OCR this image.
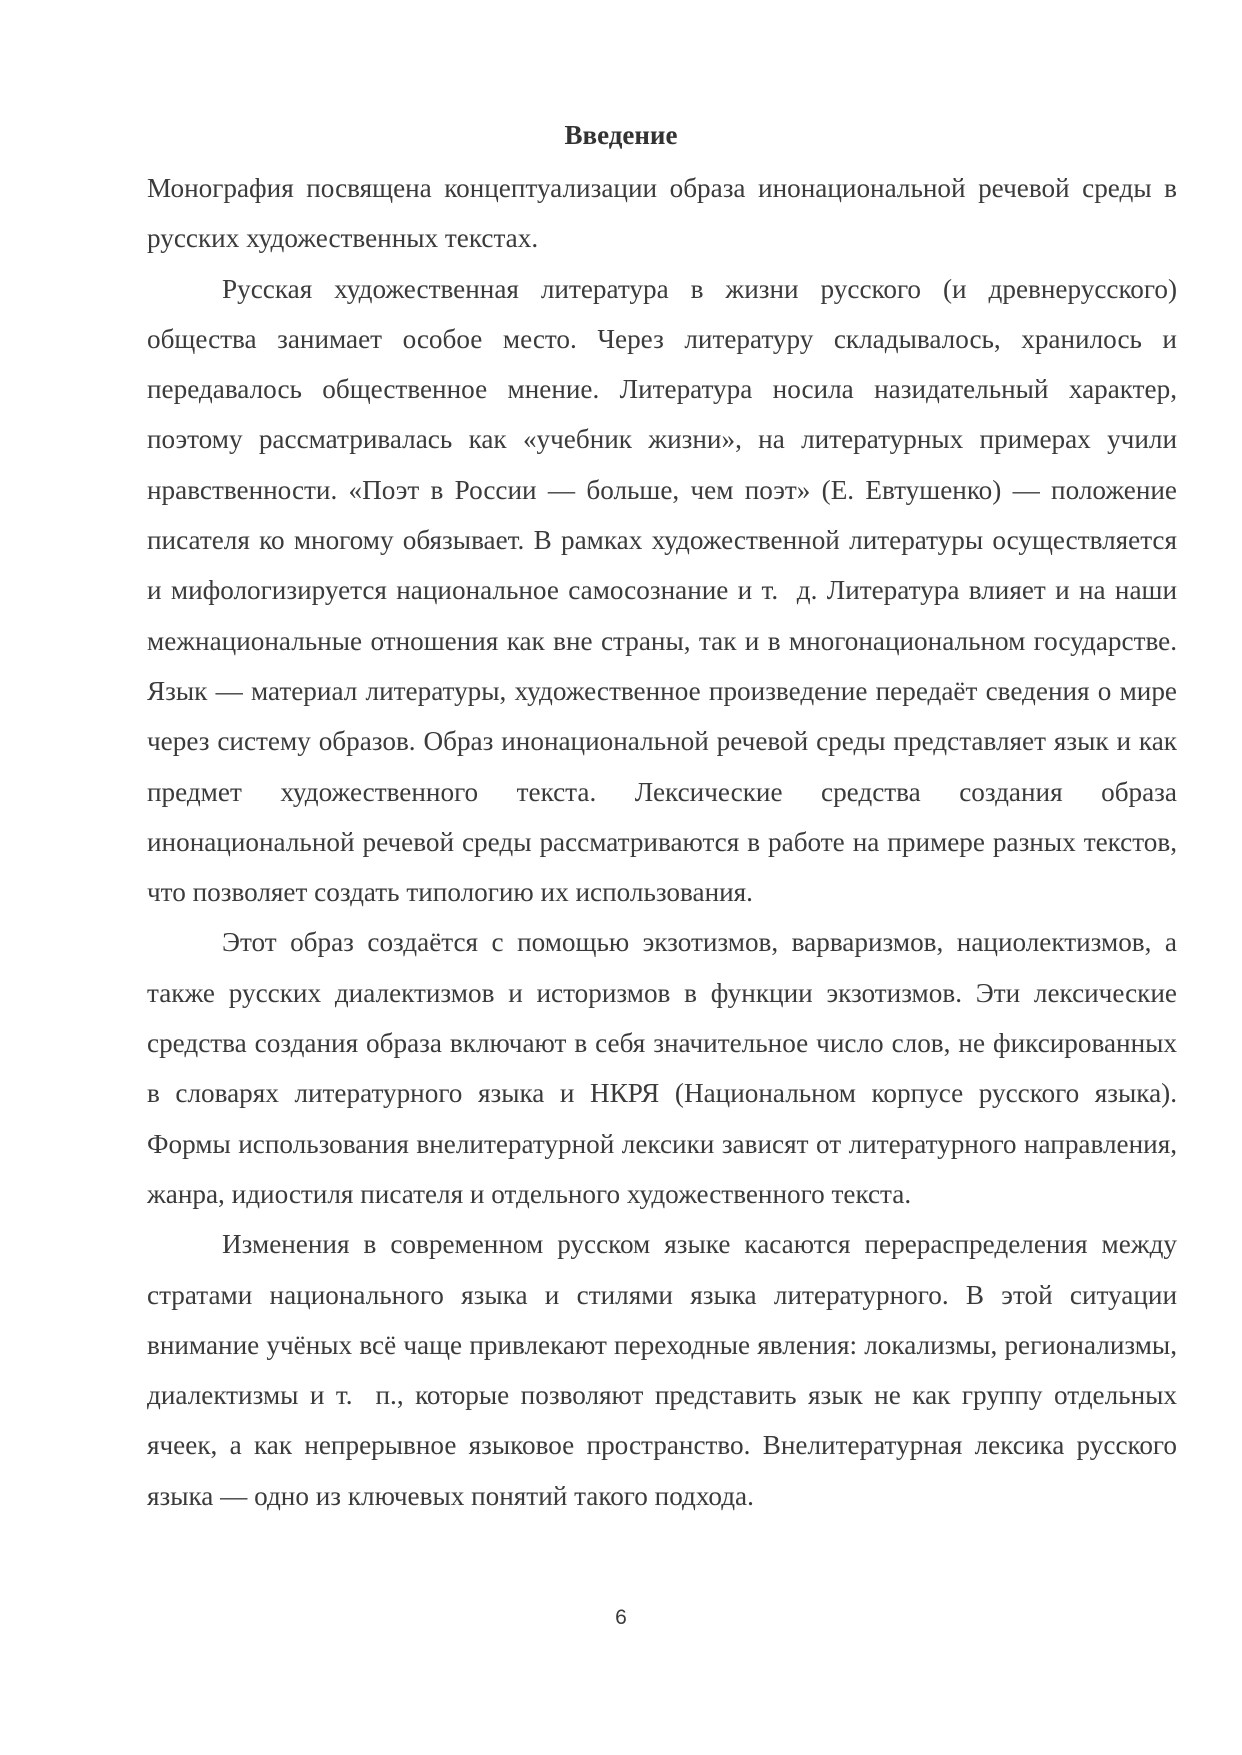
Введение

Монография посвящена концептуализации образа инонациональной речевой среды в русских художественных текстах.

Русская художественная литература в жизни русского (и древнерусского) общества занимает особое место. Через литературу складывалось, хранилось и передавалось общественное мнение. Литература носила назидательный характер, поэтому рассматривалась как «учебник жизни», на литературных примерах учили нравственности. «Поэт в России — больше, чем поэт» (Е. Евтушенко) — положение писателя ко многому обязывает. В рамках художественной литературы осуществляется и мифологизируется национальное самосознание и т.  д. Литература влияет и на наши межнациональные отношения как вне страны, так и в многонациональном государстве. Язык — материал литературы, художественное произведение передаёт сведения о мире через систему образов. Образ инонациональной речевой среды представляет язык и как предмет художественного текста. Лексические средства создания образа инонациональной речевой среды рассматриваются в работе на примере разных текстов, что позволяет создать типологию их использования.

Этот образ создаётся с помощью экзотизмов, варваризмов, нациолектизмов, а также русских диалектизмов и историзмов в функции экзотизмов. Эти лексические средства создания образа включают в себя значительное число слов, не фиксированных в словарях литературного языка и НКРЯ (Национальном корпусе русского языка). Формы использования внелитературной лексики зависят от литературного направления, жанра, идиостиля писателя и отдельного художественного текста.

Изменения в современном русском языке касаются перераспределения между стратами национального языка и стилями языка литературного. В этой ситуации внимание учёных всё чаще привлекают переходные явления: локализмы, регионализмы, диалектизмы и т.  п., которые позволяют представить язык не как группу отдельных ячеек, а как непрерывное языковое пространство. Внелитературная лексика русского языка — одно из ключевых понятий такого подхода.

6
